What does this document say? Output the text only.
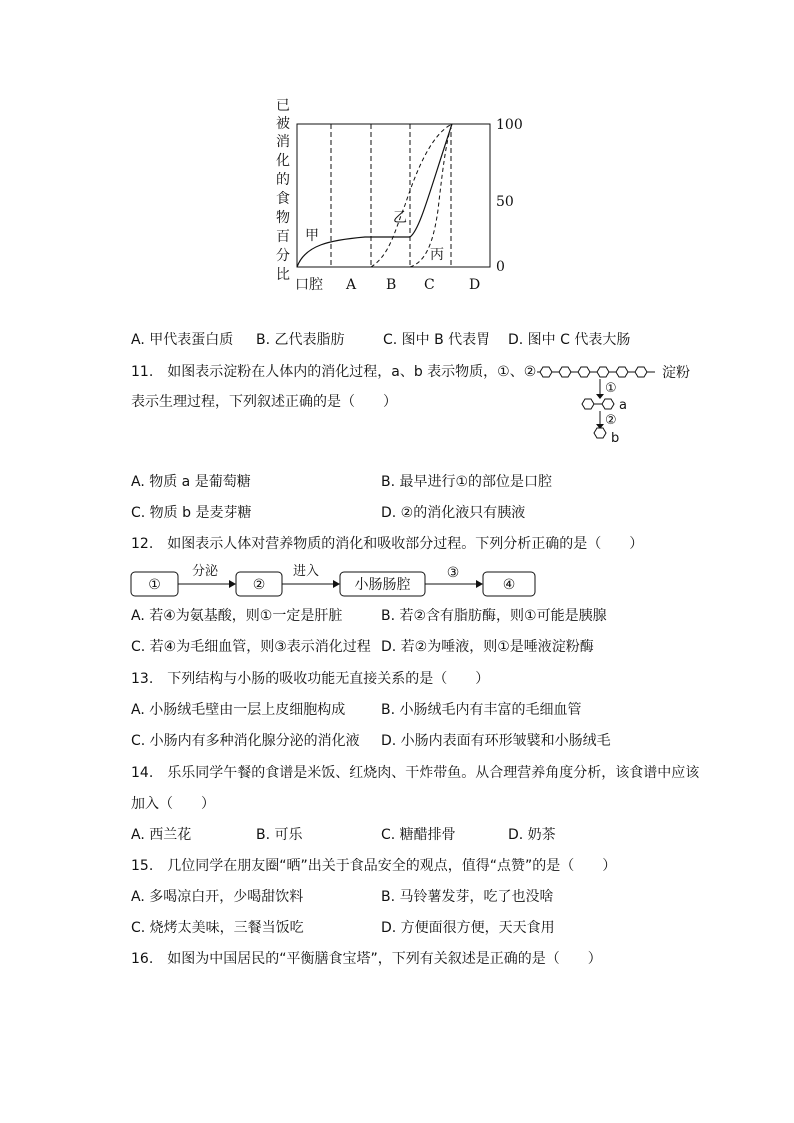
已
被
消
化
的
食
物
百
分
比
100
50
0
口腔 A B C D
甲
乙
丙
A. 甲代表蛋白质 B. 乙代表脂肪	C. 图中 B 代表胃 D. 图中 C 代表大肠
11.　如图表示淀粉在人体内的消化过程，a、b 表示物质，①、②
表示生理过程，下列叙述正确的是（　　）
淀粉
①
a
②
b
A. 物质 a 是葡萄糖	B. 最早进行①的部位是口腔
C. 物质 b 是麦芽糖	D. ②的消化液只有胰液
12.　如图表示人体对营养物质的消化和吸收部分过程。下列分析正确的是（　　）
①
分泌
②
进入
小肠肠腔
③
④
A. 若④为氨基酸，则①一定是肝脏	B. 若②含有脂肪酶，则①可能是胰腺
C. 若④为毛细血管，则③表示消化过程 D. 若②为唾液，则①是唾液淀粉酶
13.　下列结构与小肠的吸收功能无直接关系的是（　　）
A. 小肠绒毛壁由一层上皮细胞构成	B. 小肠绒毛内有丰富的毛细血管
C. 小肠内有多种消化腺分泌的消化液 D. 小肠内表面有环形皱襞和小肠绒毛
14.　乐乐同学午餐的食谱是米饭、红烧肉、干炸带鱼。从合理营养角度分析，该食谱中应该
加入（　　）
A. 西兰花	B. 可乐	C. 糖醋排骨	D. 奶茶
15.　几位同学在朋友圈“晒”出关于食品安全的观点，值得“点赞”的是（　　）
A. 多喝凉白开，少喝甜饮料	B. 马铃薯发芽，吃了也没啥
C. 烧烤太美味，三餐当饭吃	D. 方便面很方便，天天食用
16.　如图为中国居民的“平衡膳食宝塔”，下列有关叙述是正确的是（　　）
